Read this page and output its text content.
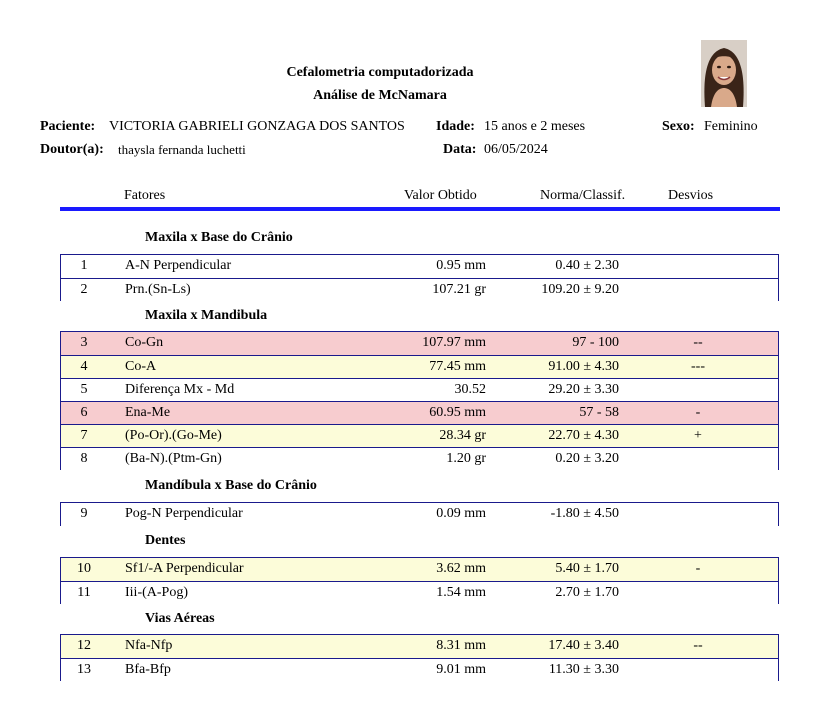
Cefalometria computadorizada
Análise de McNamara
Paciente: VICTORIA GABRIELI GONZAGA DOS SANTOS Idade: 15 anos e 2 meses	Sexo: Feminino
Doutor(a): thaysla fernanda luchetti	Data: 06/05/2024
Fatores	Valor Obtido	Norma/Classif.	Desvios
Maxila x Base do Crânio
1	A-N Perpendicular	0.95 mm	0.40 ± 2.30
2	Prn.(Sn-Ls)	107.21 gr	109.20 ± 9.20
Maxila x Mandibula
3	Co-Gn	107.97 mm	97 - 100	--
4	Co-A	77.45 mm	91.00 ± 4.30	---
5	Diferença Mx - Md	30.52	29.20 ± 3.30
6	Ena-Me	60.95 mm	57 - 58	-
7	(Po-Or).(Go-Me)	28.34 gr	22.70 ± 4.30	+
8	(Ba-N).(Ptm-Gn)	1.20 gr	0.20 ± 3.20
Mandíbula x Base do Crânio
9	Pog-N Perpendicular	0.09 mm	-1.80 ± 4.50
Dentes
10	Sf1/-A Perpendicular	3.62 mm	5.40 ± 1.70	-
11	Iii-(A-Pog)	1.54 mm	2.70 ± 1.70
Vias Aéreas
12	Nfa-Nfp	8.31 mm	17.40 ± 3.40	--
13	Bfa-Bfp	9.01 mm	11.30 ± 3.30
